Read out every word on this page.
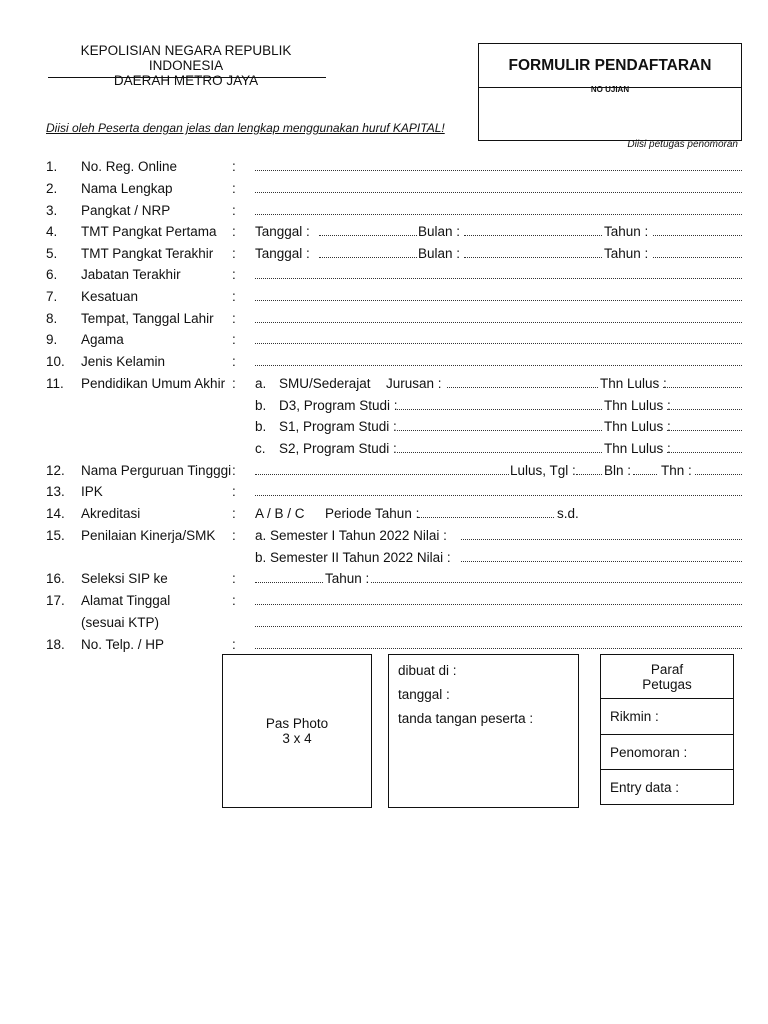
KEPOLISIAN NEGARA REPUBLIK INDONESIA
DAERAH METRO JAYA
FORMULIR PENDAFTARAN
NO UJIAN
Diisi petugas penomoran
Diisi oleh Peserta dengan jelas dan lengkap menggunakan huruf KAPITAL!
1. No. Reg. Online	:
2. Nama Lengkap	:
3. Pangkat / NRP	:
4. TMT Pangkat Pertama : Tanggal :	Bulan :	Tahun :
5. TMT Pangkat Terakhir : Tanggal :	Bulan :	Tahun :
6. Jabatan Terakhir	:
7. Kesatuan	:
8. Tempat, Tanggal Lahir :
9. Agama	:
10. Jenis Kelamin	:
11. Pendidikan Umum Akhir : a. SMU/Sederajat Jurusan :	Thn Lulus :
b. D3, Program Studi :	Thn Lulus :
b. S1, Program Studi :	Thn Lulus :
c. S2, Program Studi :	Thn Lulus :
12. Nama Perguruan Tingggi :	Lulus, Tgl : Bln : Thn :
13. IPK	:
14. Akreditasi	: A / B / C Periode Tahun :	s.d.
15. Penilaian Kinerja/SMK : a. Semester I Tahun 2022 Nilai :
b. Semester II Tahun 2022 Nilai :
16. Seleksi SIP ke	:	Tahun :
17. Alamat Tinggal	:
(sesuai KTP)
18. No. Telp. / HP	:
Pas Photo
3 x 4
dibuat di :
tanggal :
tanda tangan peserta :
Paraf
Petugas
Rikmin :
Penomoran :
Entry data :
